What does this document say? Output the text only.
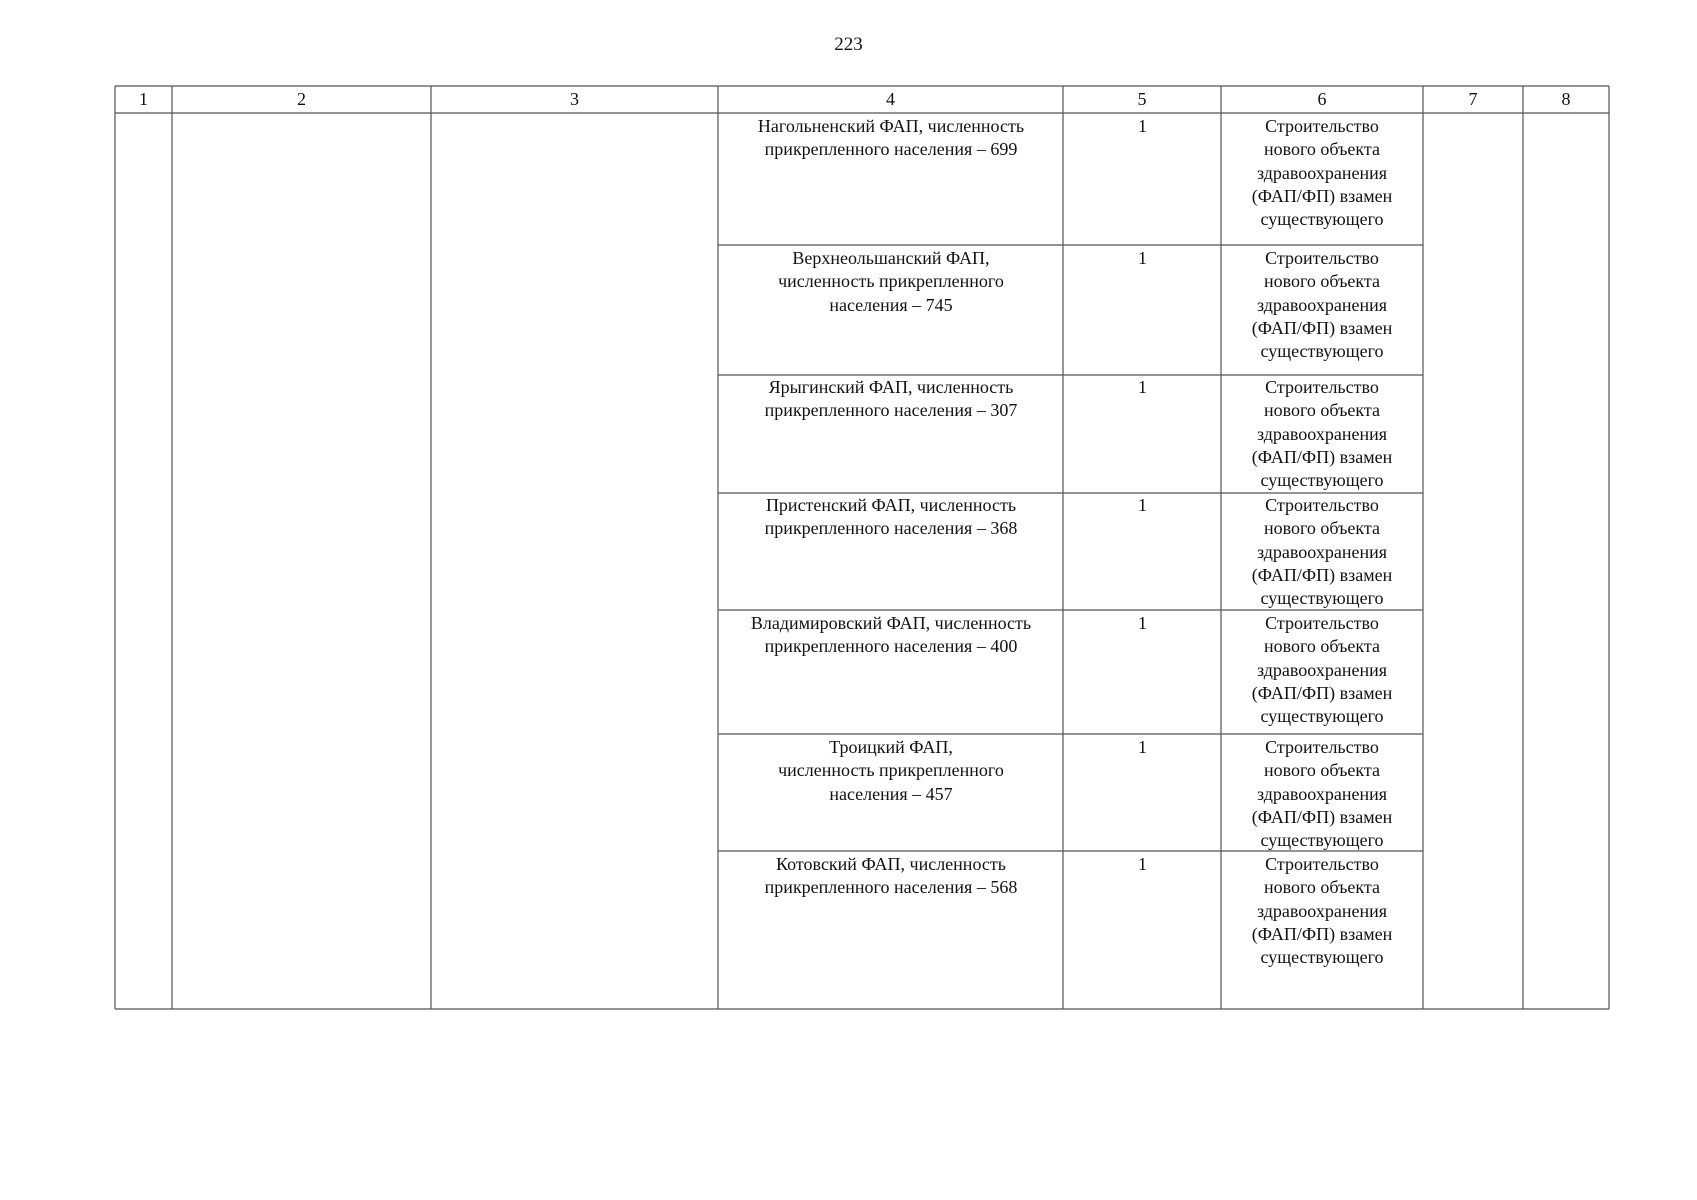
223
1	2	3	4	5	6	7	8
Нагольненский ФАП, численность
прикрепленного населения – 699
1	Строительство
нового объекта
здравоохранения
(ФАП/ФП) взамен
существующего
Верхнеольшанский ФАП,
численность прикрепленного
населения – 745
1	Строительство
нового объекта
здравоохранения
(ФАП/ФП) взамен
существующего
Ярыгинский ФАП, численность
прикрепленного населения – 307
1	Строительство
нового объекта
здравоохранения
(ФАП/ФП) взамен
существующего
Пристенский ФАП, численность
прикрепленного населения – 368
1	Строительство
нового объекта
здравоохранения
(ФАП/ФП) взамен
существующего
Владимировский ФАП, численность
прикрепленного населения – 400
1	Строительство
нового объекта
здравоохранения
(ФАП/ФП) взамен
существующего
Троицкий ФАП,
численность прикрепленного
населения – 457
1	Строительство
нового объекта
здравоохранения
(ФАП/ФП) взамен
существующего
Котовский ФАП, численность
прикрепленного населения – 568
1	Строительство
нового объекта
здравоохранения
(ФАП/ФП) взамен
существующего
